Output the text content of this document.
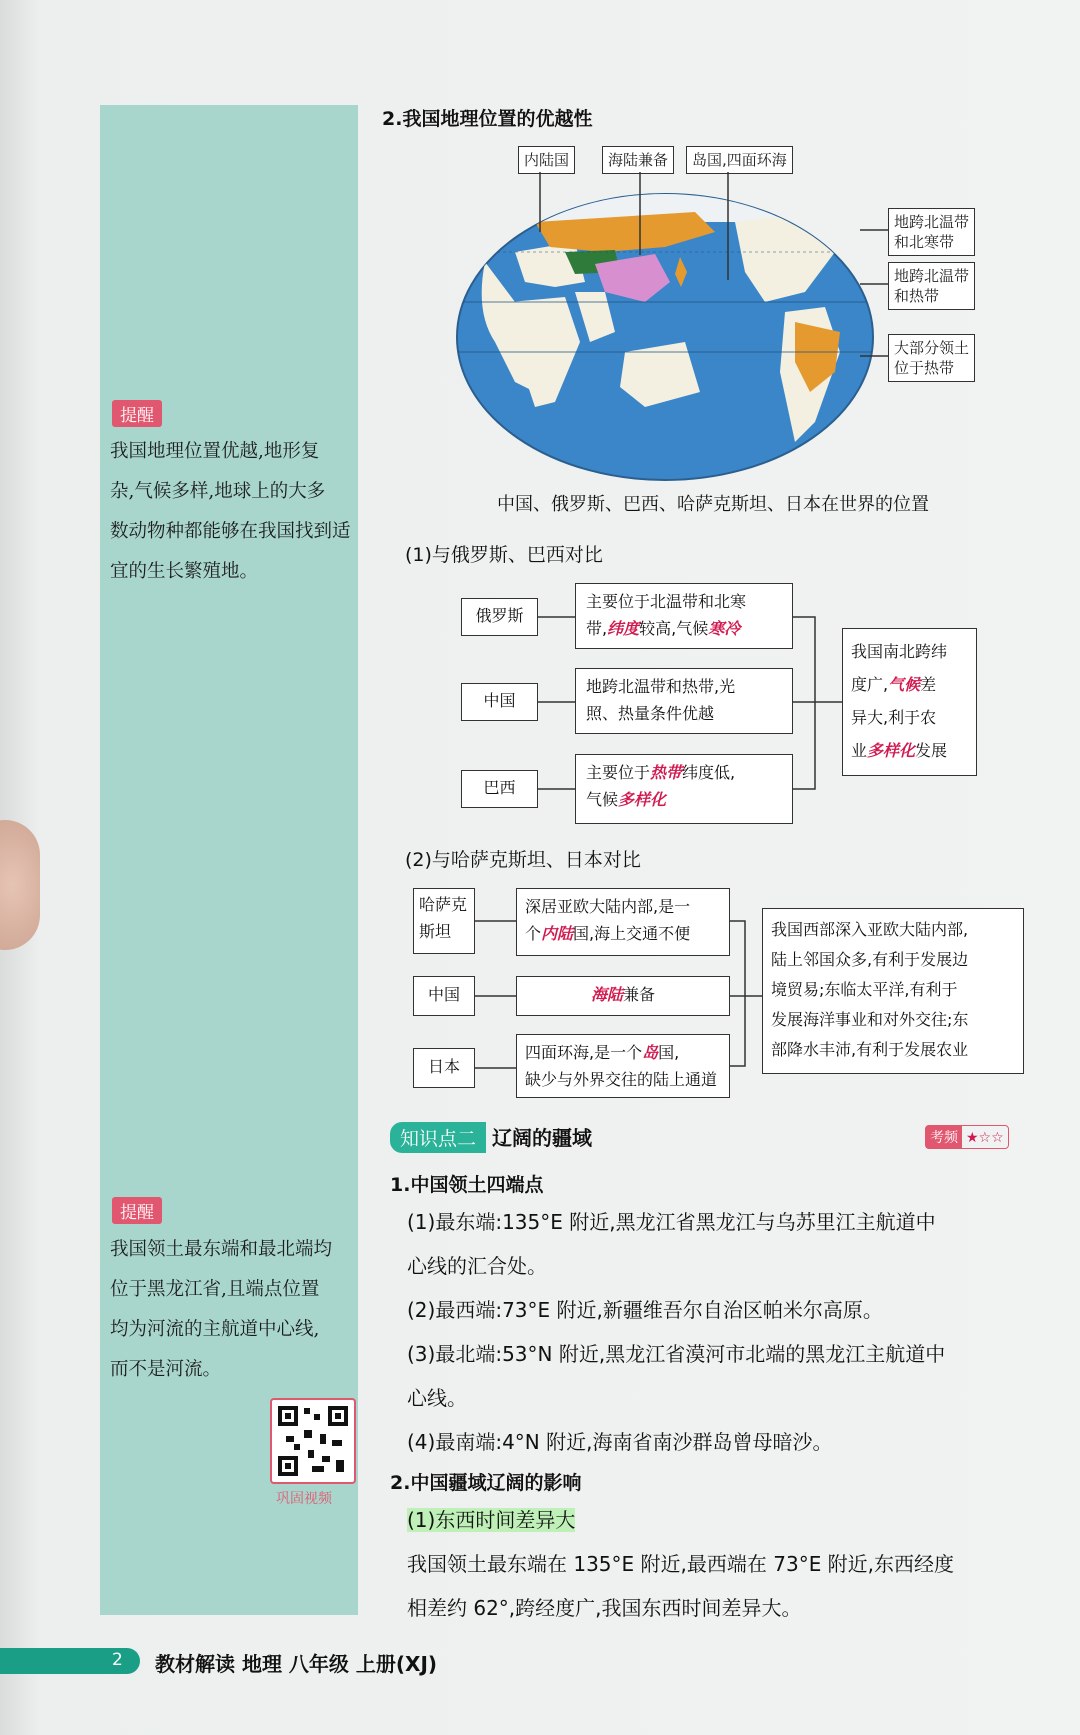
提醒
我国地理位置优越,地形复
杂,气候多样,地球上的大多
数动物种都能够在我国找到适
宜的生长繁殖地。
提醒
我国领土最东端和最北端均
位于黑龙江省,且端点位置
均为河流的主航道中心线,
而不是河流。
巩固视频
2.我国地理位置的优越性
内陆国	海陆兼备	岛国,四面环海
地跨北温带
和北寒带
地跨北温带
和热带
大部分领土
位于热带
中国、俄罗斯、巴西、哈萨克斯坦、日本在世界的位置
(1)与俄罗斯、巴西对比
俄罗斯
中国
巴西
主要位于北温带和北寒
带,纬度较高,气候寒冷
地跨北温带和热带,光
照、热量条件优越
主要位于热带纬度低,
气候多样化
我国南北跨纬
度广,气候差
异大,利于农
业多样化发展
(2)与哈萨克斯坦、日本对比
哈萨克
斯坦
中国
日本
深居亚欧大陆内部,是一
个内陆国,海上交通不便
海陆兼备
四面环海,是一个岛国,
缺少与外界交往的陆上通道
我国西部深入亚欧大陆内部,
陆上邻国众多,有利于发展边
境贸易;东临太平洋,有利于
发展海洋事业和对外交往;东
部降水丰沛,有利于发展农业
知识点二 辽阔的疆域	考频 ★☆☆
1.中国领土四端点
(1)最东端:135°E 附近,黑龙江省黑龙江与乌苏里江主航道中
心线的汇合处。
(2)最西端:73°E 附近,新疆维吾尔自治区帕米尔高原。
(3)最北端:53°N 附近,黑龙江省漠河市北端的黑龙江主航道中
心线。
(4)最南端:4°N 附近,海南省南沙群岛曾母暗沙。
2.中国疆域辽阔的影响
(1)东西时间差异大
我国领土最东端在 135°E 附近,最西端在 73°E 附近,东西经度
相差约 62°,跨经度广,我国东西时间差异大。
2 教材解读 地理 八年级 上册(XJ)
